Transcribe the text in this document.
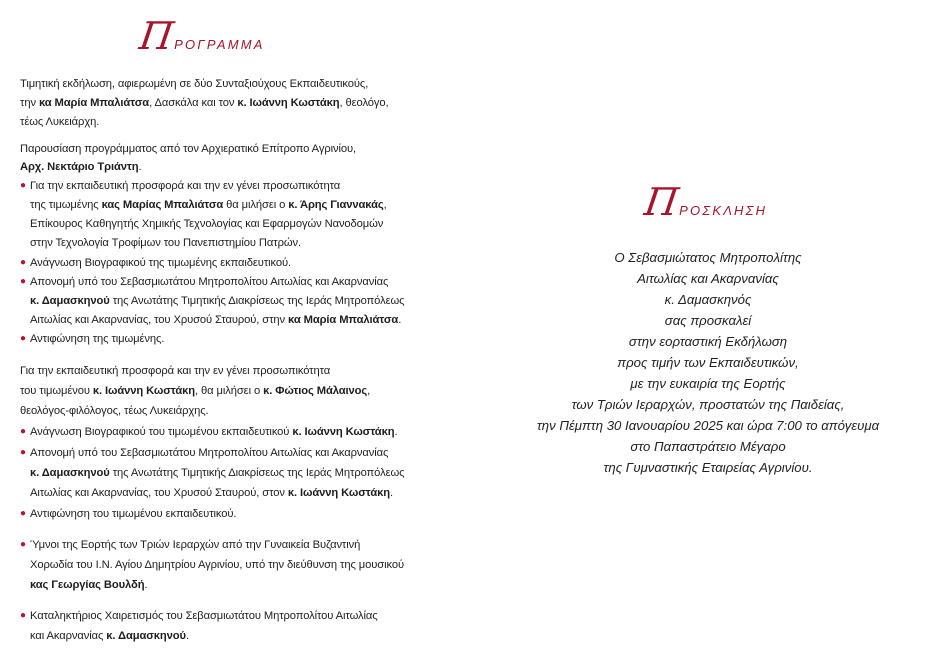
ΠΡΟΓΡΑΜΜΑ
Τιμητική εκδήλωση, αφιερωμένη σε δύο Συνταξιούχους Εκπαιδευτικούς,
την κα Μαρία Μπαλιάτσα, Δασκάλα και τον κ. Ιωάννη Κωστάκη, θεολόγο,
τέως Λυκειάρχη.
Παρουσίαση προγράμματος από τον Αρχιερατικό Επίτροπο Αγρινίου,
Αρχ. Νεκτάριο Τριάντη.
● Για την εκπαιδευτική προσφορά και την εν γένει προσωπικότητα
της τιμωμένης κας Μαρίας Μπαλιάτσα θα μιλήσει ο κ. Άρης Γιαννακάς,
Επίκουρος Καθηγητής Χημικής Τεχνολογίας και Εφαρμογών Νανοδομών
στην Τεχνολογία Τροφίμων του Πανεπιστημίου Πατρών.
● Ανάγνωση Βιογραφικού της τιμωμένης εκπαιδευτικού.
● Απονομή υπό του Σεβασμιωτάτου Μητροπολίτου Αιτωλίας και Ακαρνανίας
κ. Δαμασκηνού της Ανωτάτης Τιμητικής Διακρίσεως της Ιεράς Μητροπόλεως
Αιτωλίας και Ακαρνανίας, του Χρυσού Σταυρού, στην κα Μαρία Μπαλιάτσα.
● Αντιφώνηση της τιμωμένης.
Για την εκπαιδευτική προσφορά και την εν γένει προσωπικότητα
του τιμωμένου κ. Ιωάννη Κωστάκη, θα μιλήσει ο κ. Φώτιος Μάλαινος,
θεολόγος-φιλόλογος, τέως Λυκειάρχης.
● Ανάγνωση Βιογραφικού του τιμωμένου εκπαιδευτικού κ. Ιωάννη Κωστάκη.
● Απονομή υπό του Σεβασμιωτάτου Μητροπολίτου Αιτωλίας και Ακαρνανίας
κ. Δαμασκηνού της Ανωτάτης Τιμητικής Διακρίσεως της Ιεράς Μητροπόλεως
Αιτωλίας και Ακαρνανίας, του Χρυσού Σταυρού, στον κ. Ιωάννη Κωστάκη.
● Αντιφώνηση του τιμωμένου εκπαιδευτικού.
● Ύμνοι της Εορτής των Τριών Ιεραρχών από την Γυναικεία Βυζαντινή
Χορωδία του Ι.Ν. Αγίου Δημητρίου Αγρινίου, υπό την διεύθυνση της μουσικού
κας Γεωργίας Βουλδή.
● Καταληκτήριος Χαιρετισμός του Σεβασμιωτάτου Μητροπολίτου Αιτωλίας
και Ακαρνανίας κ. Δαμασκηνού.
ΠΡΟΣΚΛΗΣΗ
Ο Σεβασμιώτατος Μητροπολίτης
Αιτωλίας και Ακαρνανίας
κ. Δαμασκηνός
σας προσκαλεί
στην εορταστική Εκδήλωση
προς τιμήν των Εκπαιδευτικών,
με την ευκαιρία της Εορτής
των Τριών Ιεραρχών, προστατών της Παιδείας,
την Πέμπτη 30 Ιανουαρίου 2025 και ώρα 7:00 το απόγευμα
στο Παπαστράτειο Μέγαρο
της Γυμναστικής Εταιρείας Αγρινίου.
